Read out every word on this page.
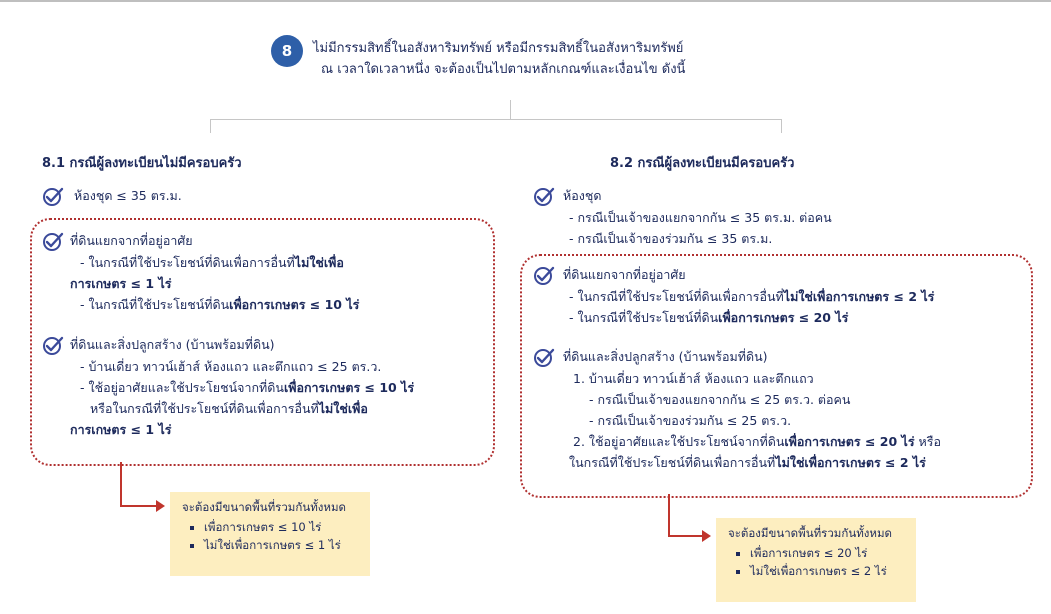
8	ไม่มีกรรมสิทธิ์ในอสังหาริมทรัพย์ หรือมีกรรมสิทธิ์ในอสังหาริมทรัพย์
ณ เวลาใดเวลาหนึ่ง จะต้องเป็นไปตามหลักเกณฑ์และเงื่อนไข ดังนี้
8.1 กรณีผู้ลงทะเบียนไม่มีครอบครัว
ห้องชุด ≤ 35 ตร.ม.
ที่ดินแยกจากที่อยู่อาศัย
- ในกรณีที่ใช้ประโยชน์ที่ดินเพื่อการอื่นที่ไม่ใช่เพื่อ
การเกษตร ≤ 1 ไร่
- ในกรณีที่ใช้ประโยชน์ที่ดินเพื่อการเกษตร ≤ 10 ไร่
ที่ดินและสิ่งปลูกสร้าง (บ้านพร้อมที่ดิน)
- บ้านเดี่ยว ทาวน์เฮ้าส์ ห้องแถว และตึกแถว ≤ 25 ตร.ว.
- ใช้อยู่อาศัยและใช้ประโยชน์จากที่ดินเพื่อการเกษตร ≤ 10 ไร่
หรือในกรณีที่ใช้ประโยชน์ที่ดินเพื่อการอื่นที่ไม่ใช่เพื่อ
การเกษตร ≤ 1 ไร่
จะต้องมีขนาดพื้นที่รวมกันทั้งหมด
▪ เพื่อการเกษตร ≤ 10 ไร่
▪ ไม่ใช่เพื่อการเกษตร ≤ 1 ไร่
8.2 กรณีผู้ลงทะเบียนมีครอบครัว
ห้องชุด
- กรณีเป็นเจ้าของแยกจากกัน ≤ 35 ตร.ม. ต่อคน
- กรณีเป็นเจ้าของร่วมกัน ≤ 35 ตร.ม.
ที่ดินแยกจากที่อยู่อาศัย
- ในกรณีที่ใช้ประโยชน์ที่ดินเพื่อการอื่นที่ไม่ใช่เพื่อการเกษตร ≤ 2 ไร่
- ในกรณีที่ใช้ประโยชน์ที่ดินเพื่อการเกษตร ≤ 20 ไร่
ที่ดินและสิ่งปลูกสร้าง (บ้านพร้อมที่ดิน)
1. บ้านเดี่ยว ทาวน์เฮ้าส์ ห้องแถว และตึกแถว
- กรณีเป็นเจ้าของแยกจากกัน ≤ 25 ตร.ว. ต่อคน
- กรณีเป็นเจ้าของร่วมกัน ≤ 25 ตร.ว.
2. ใช้อยู่อาศัยและใช้ประโยชน์จากที่ดินเพื่อการเกษตร ≤ 20 ไร่ หรือ
ในกรณีที่ใช้ประโยชน์ที่ดินเพื่อการอื่นที่ไม่ใช่เพื่อการเกษตร ≤ 2 ไร่
จะต้องมีขนาดพื้นที่รวมกันทั้งหมด
▪ เพื่อการเกษตร ≤ 20 ไร่
▪ ไม่ใช่เพื่อการเกษตร ≤ 2 ไร่
